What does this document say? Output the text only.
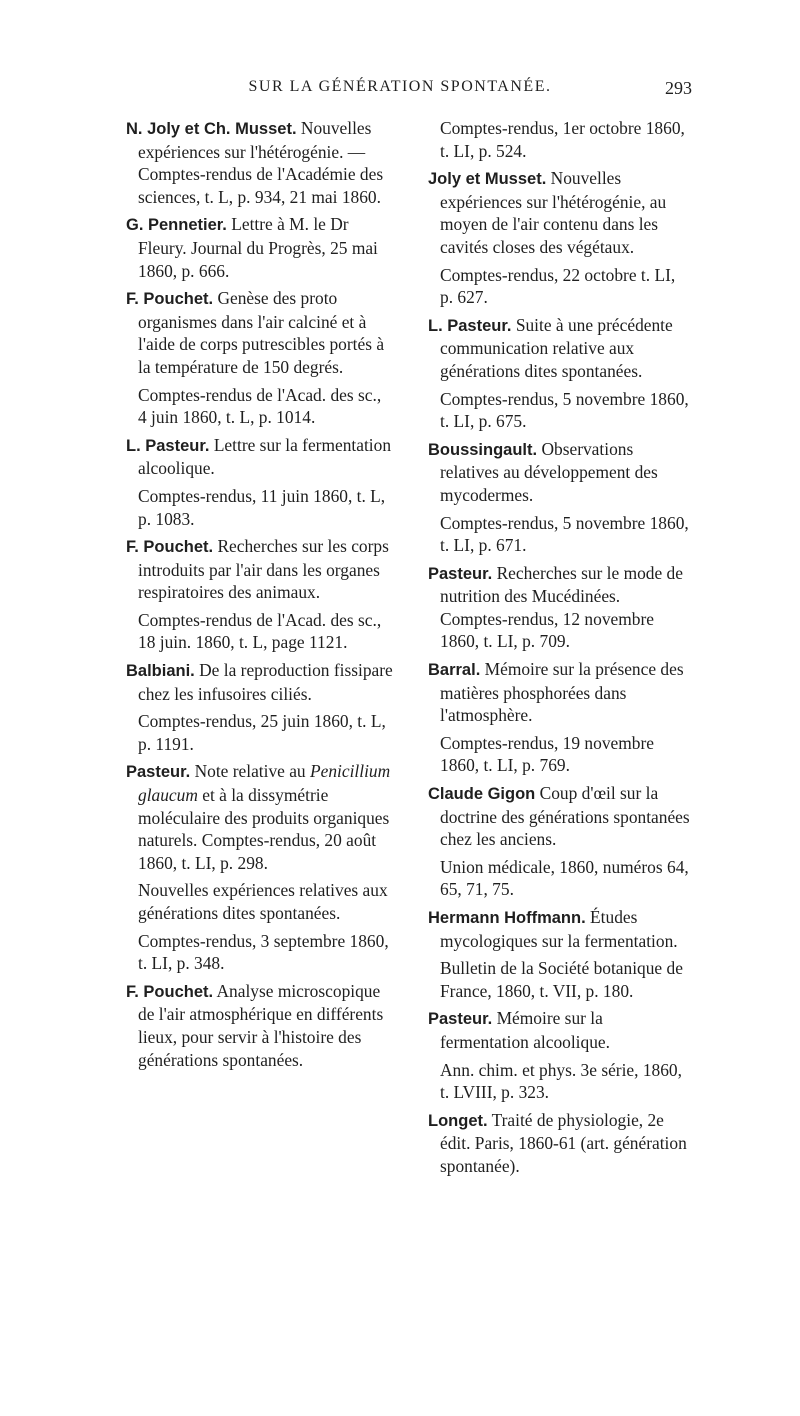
SUR LA GÉNÉRATION SPONTANÉE.	293

N. Joly et Ch. Musset. Nouvelles expériences sur l'hétérogénie. — Comptes-rendus de l'Académie des sciences, t. L, p. 934, 21 mai 1860.

G. Pennetier. Lettre à M. le Dr Fleury. Journal du Progrès, 25 mai 1860, p. 666.

F. Pouchet. Genèse des proto organismes dans l'air calciné et à l'aide de corps putrescibles portés à la température de 150 degrés.

Comptes-rendus de l'Acad. des sc., 4 juin 1860, t. L, p. 1014.

L. Pasteur. Lettre sur la fermentation alcoolique.

Comptes-rendus, 11 juin 1860, t. L, p. 1083.

F. Pouchet. Recherches sur les corps introduits par l'air dans les organes respiratoires des animaux.

Comptes-rendus de l'Acad. des sc., 18 juin. 1860, t. L, page 1121.

Balbiani. De la reproduction fissipare chez les infusoires ciliés.

Comptes-rendus, 25 juin 1860, t. L, p. 1191.

Pasteur. Note relative au Penicillium glaucum et à la dissymétrie moléculaire des produits organiques naturels. Comptes-rendus, 20 août 1860, t. LI, p. 298.

Nouvelles expériences relatives aux générations dites spontanées.

Comptes-rendus, 3 septembre 1860, t. LI, p. 348.

F. Pouchet. Analyse microscopique de l'air atmosphérique en différents lieux, pour servir à l'histoire des générations spontanées.

Comptes-rendus, 1er octobre 1860, t. LI, p. 524.

Joly et Musset. Nouvelles expériences sur l'hétérogénie, au moyen de l'air contenu dans les cavités closes des végétaux.

Comptes-rendus, 22 octobre t. LI, p. 627.

L. Pasteur. Suite à une précédente communication relative aux générations dites spontanées.

Comptes-rendus, 5 novembre 1860, t. LI, p. 675.

Boussingault. Observations relatives au développement des mycodermes.

Comptes-rendus, 5 novembre 1860, t. LI, p. 671.

Pasteur. Recherches sur le mode de nutrition des Mucédinées. Comptes-rendus, 12 novembre 1860, t. LI, p. 709.

Barral. Mémoire sur la présence des matières phosphorées dans l'atmosphère.

Comptes-rendus, 19 novembre 1860, t. LI, p. 769.

Claude Gigon Coup d'œil sur la doctrine des générations spontanées chez les anciens.

Union médicale, 1860, numéros 64, 65, 71, 75.

Hermann Hoffmann. Études mycologiques sur la fermentation.

Bulletin de la Société botanique de France, 1860, t. VII, p. 180.

Pasteur. Mémoire sur la fermentation alcoolique.

Ann. chim. et phys. 3e série, 1860, t. LVIII, p. 323.

Longet. Traité de physiologie, 2e édit. Paris, 1860-61 (art. génération spontanée).
